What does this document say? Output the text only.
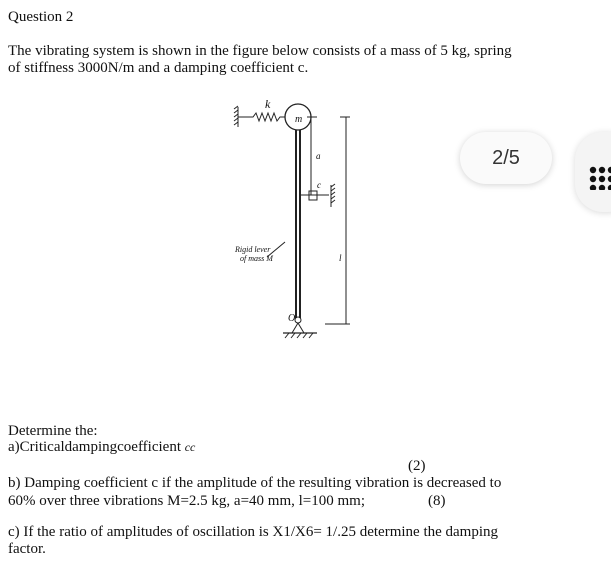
Question 2
The vibrating system is shown in the figure below consists of a mass of 5 kg, spring
of stiffness 3000N/m and a damping coefficient c.
k
m
a
c
l
Rigid lever
of mass M
O
2/5
Determine the:
a)Criticaldampingcoefficient cc
(2)
b) Damping coefficient c if the amplitude of the resulting vibration is decreased to
60% over three vibrations M=2.5 kg, a=40 mm, l=100 mm;	(8)
c) If the ratio of amplitudes of oscillation is X1/X6= 1/.25 determine the damping
factor.
